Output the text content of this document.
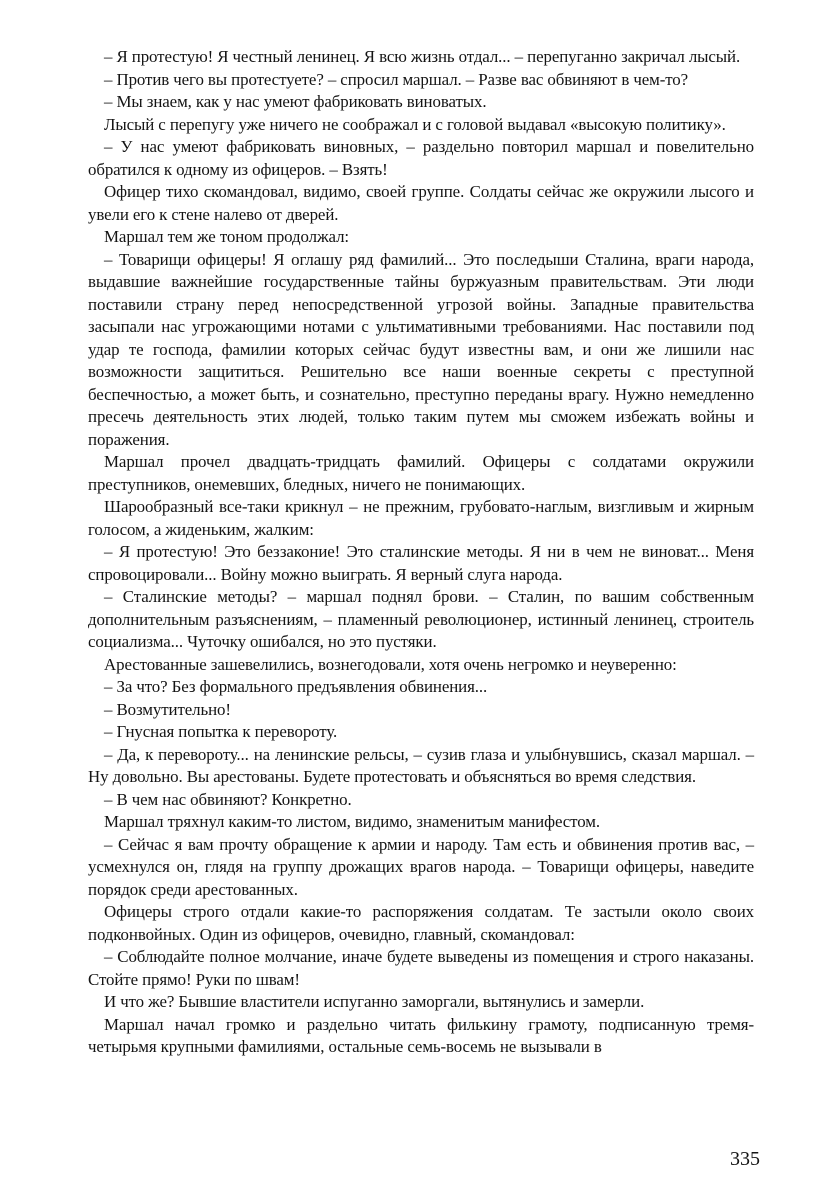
– Я протестую! Я честный ленинец. Я всю жизнь отдал... – перепуганно закричал лысый.

– Против чего вы протестуете? – спросил маршал. – Разве вас обвиняют в чем-то?

– Мы знаем, как у нас умеют фабриковать виноватых.

Лысый с перепугу уже ничего не соображал и с головой выдавал «высокую политику».

– У нас умеют фабриковать виновных, – раздельно повторил маршал и повелительно обратился к одному из офицеров. – Взять!

Офицер тихо скомандовал, видимо, своей группе. Солдаты сейчас же окружили лысого и увели его к стене налево от дверей.

Маршал тем же тоном продолжал:

– Товарищи офицеры! Я оглашу ряд фамилий... Это последыши Сталина, враги народа, выдавшие важнейшие государственные тайны буржуазным правительствам. Эти люди поставили страну перед непосредственной угрозой войны. Западные правительства засыпали нас угрожающими нотами с ультимативными требованиями. Нас поставили под удар те господа, фамилии которых сейчас будут известны вам, и они же лишили нас возможности защититься. Решительно все наши военные секреты с преступной беспечностью, а может быть, и сознательно, преступно переданы врагу. Нужно немедленно пресечь деятельность этих людей, только таким путем мы сможем избежать войны и поражения.

Маршал прочел двадцать-тридцать фамилий. Офицеры с солдатами окружили преступников, онемевших, бледных, ничего не понимающих.

Шарообразный все-таки крикнул – не прежним, грубовато-наглым, визгливым и жирным голосом, а жиденьким, жалким:

– Я протестую! Это беззаконие! Это сталинские методы. Я ни в чем не виноват... Меня спровоцировали... Войну можно выиграть. Я верный слуга народа.

– Сталинские методы? – маршал поднял брови. – Сталин, по вашим собственным дополнительным разъяснениям, – пламенный революционер, истинный ленинец, строитель социализма... Чуточку ошибался, но это пустяки.

Арестованные зашевелились, вознегодовали, хотя очень негромко и неуверенно:

– За что? Без формального предъявления обвинения...

– Возмутительно!

– Гнусная попытка к перевороту.

– Да, к перевороту... на ленинские рельсы, – сузив глаза и улыбнувшись, сказал маршал. – Ну довольно. Вы арестованы. Будете протестовать и объясняться во время следствия.

– В чем нас обвиняют? Конкретно.

Маршал тряхнул каким-то листом, видимо, знаменитым манифестом.

– Сейчас я вам прочту обращение к армии и народу. Там есть и обвинения против вас, – усмехнулся он, глядя на группу дрожащих врагов народа. – Товарищи офицеры, наведите порядок среди арестованных.

Офицеры строго отдали какие-то распоряжения солдатам. Те застыли около своих подконвойных. Один из офицеров, очевидно, главный, скомандовал:

– Соблюдайте полное молчание, иначе будете выведены из помещения и строго наказаны. Стойте прямо! Руки по швам!

И что же? Бывшие властители испуганно заморгали, вытянулись и замерли.

Маршал начал громко и раздельно читать филькину грамоту, подписанную тремя-четырьмя крупными фамилиями, остальные семь-восемь не вызывали в

335
